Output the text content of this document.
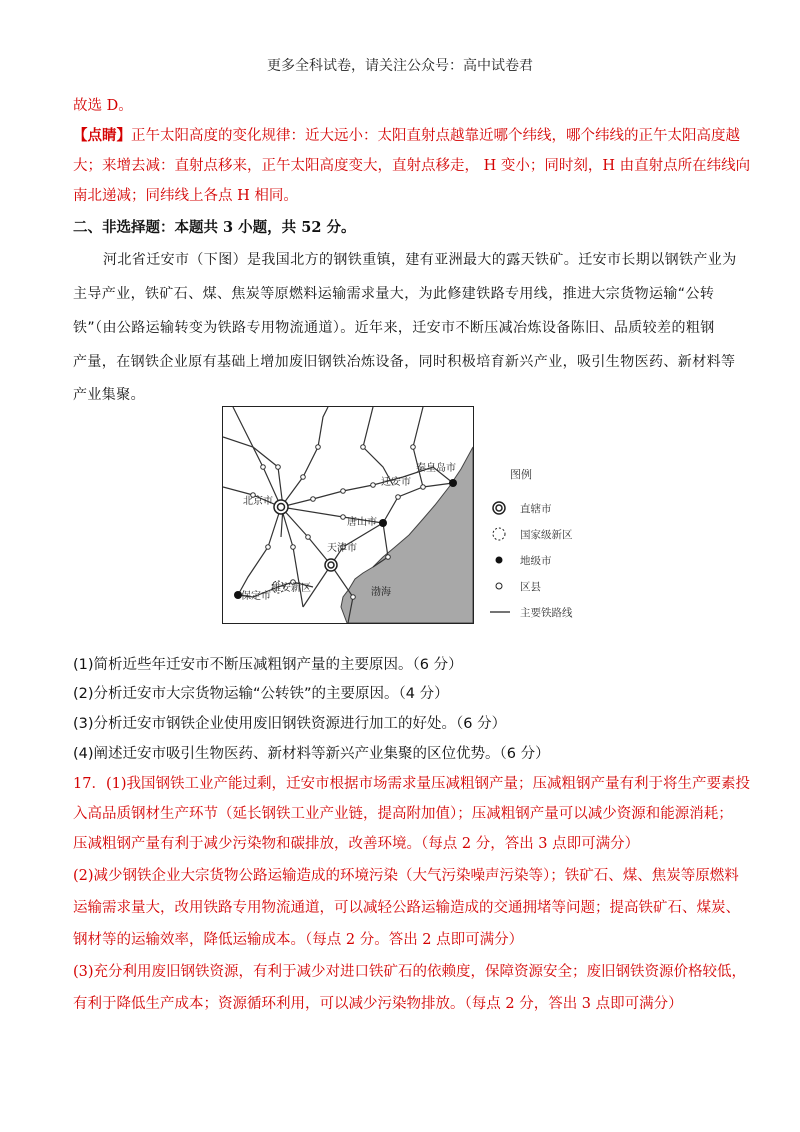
更多全科试卷，请关注公众号：高中试卷君
故选 D。
【点睛】正午太阳高度的变化规律：近大远小：太阳直射点越靠近哪个纬线，哪个纬线的正午太阳高度越
大；来增去减：直射点移来，正午太阳高度变大，直射点移走， H 变小；同时刻，H 由直射点所在纬线向
南北递减；同纬线上各点 H 相同。
二、非选择题：本题共 3 小题，共 52 分。
河北省迁安市（下图）是我国北方的钢铁重镇，建有亚洲最大的露天铁矿。迁安市长期以钢铁产业为
主导产业，铁矿石、煤、焦炭等原燃料运输需求量大，为此修建铁路专用线，推进大宗货物运输“公转
铁”（由公路运输转变为铁路专用物流通道）。近年来，迁安市不断压减冶炼设备陈旧、品质较差的粗钢
产量，在钢铁企业原有基础上增加废旧钢铁冶炼设备，同时积极培育新兴产业，吸引生物医药、新材料等
产业集聚。
北京市
迁安市
秦皇岛市
唐山市
天津市
保定市
雄安新区	渤海
图例
直辖市
国家级新区
地级市
区县
主要铁路线
(1)简析近些年迁安市不断压减粗钢产量的主要原因。（6 分）
(2)分析迁安市大宗货物运输“公转铁”的主要原因。（4 分）
(3)分析迁安市钢铁企业使用废旧钢铁资源进行加工的好处。（6 分）
(4)阐述迁安市吸引生物医药、新材料等新兴产业集聚的区位优势。（6 分）
17．(1)我国钢铁工业产能过剩，迁安市根据市场需求量压减粗钢产量；压减粗钢产量有利于将生产要素投
入高品质钢材生产环节（延长钢铁工业产业链，提高附加值）；压减粗钢产量可以减少资源和能源消耗；
压减粗钢产量有利于减少污染物和碳排放，改善环境。（每点 2 分，答出 3 点即可满分）
(2)减少钢铁企业大宗货物公路运输造成的环境污染（大气污染噪声污染等）；铁矿石、煤、焦炭等原燃料
运输需求量大，改用铁路专用物流通道，可以减轻公路运输造成的交通拥堵等问题；提高铁矿石、煤炭、
钢材等的运输效率，降低运输成本。（每点 2 分。答出 2 点即可满分）
(3)充分利用废旧钢铁资源，有利于减少对进口铁矿石的依赖度，保障资源安全；废旧钢铁资源价格较低，
有利于降低生产成本；资源循环利用，可以减少污染物排放。（每点 2 分，答出 3 点即可满分）
